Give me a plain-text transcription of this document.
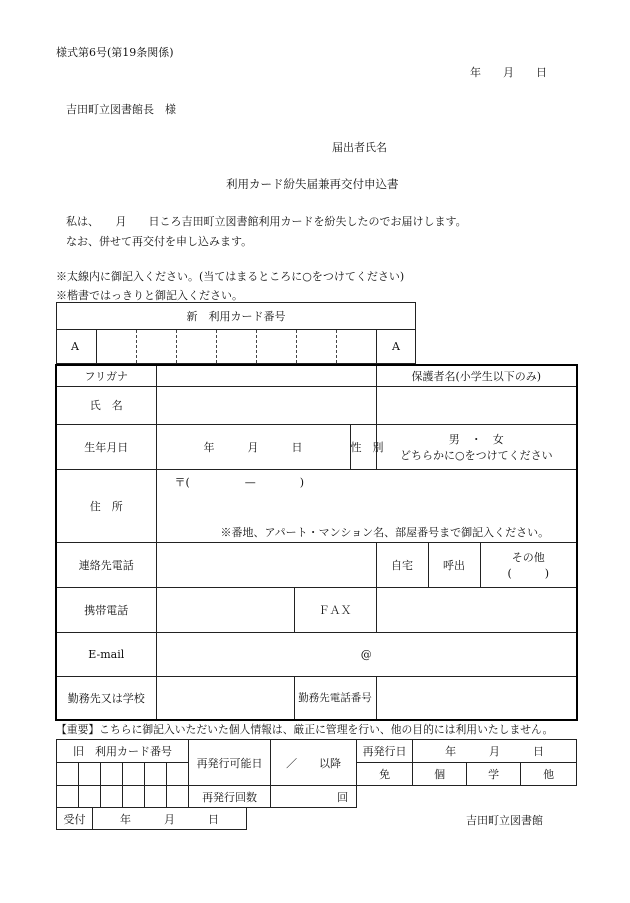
様式第6号(第19条関係)
年　　月　　日
吉田町立図書館長　様
届出者氏名
利用カード紛失届兼再交付申込書
私は、　　月　　日ころ吉田町立図書館利用カードを紛失したのでお届けします。
なお、併せて再交付を申し込みます。
※太線内に御記入ください。(当てはまるところに○をつけてください)
※楷書ではっきりと御記入ください。
新　利用カード番号
A								A
フリガナ				保護者名(小学生以下のみ)		
氏　名						
生年月日	年　　　月　　　日		性　別	男　・　女
どちらかに○をつけてください		

住　所	〒(　　　　　—　　　　)
※番地、アパート・マンション名、部屋番号まで御記入ください。					

連絡先電話				自宅	呼出	その他
(　　　)

携帯電話		ＦＡＸ				
E-mail	@					
勤務先又は学校		勤務先電話番号				
【重要】こちらに御記入いただいた個人情報は、厳正に管理を行い、他の目的には利用いたしません。
旧　利用カード番号						再発行可能日	／　　以降	再発行日	年　　　月　　　日		
								免	個	学	他
						再発行回数	回				
受付	年　　　月　　　日	吉田町立図書館
